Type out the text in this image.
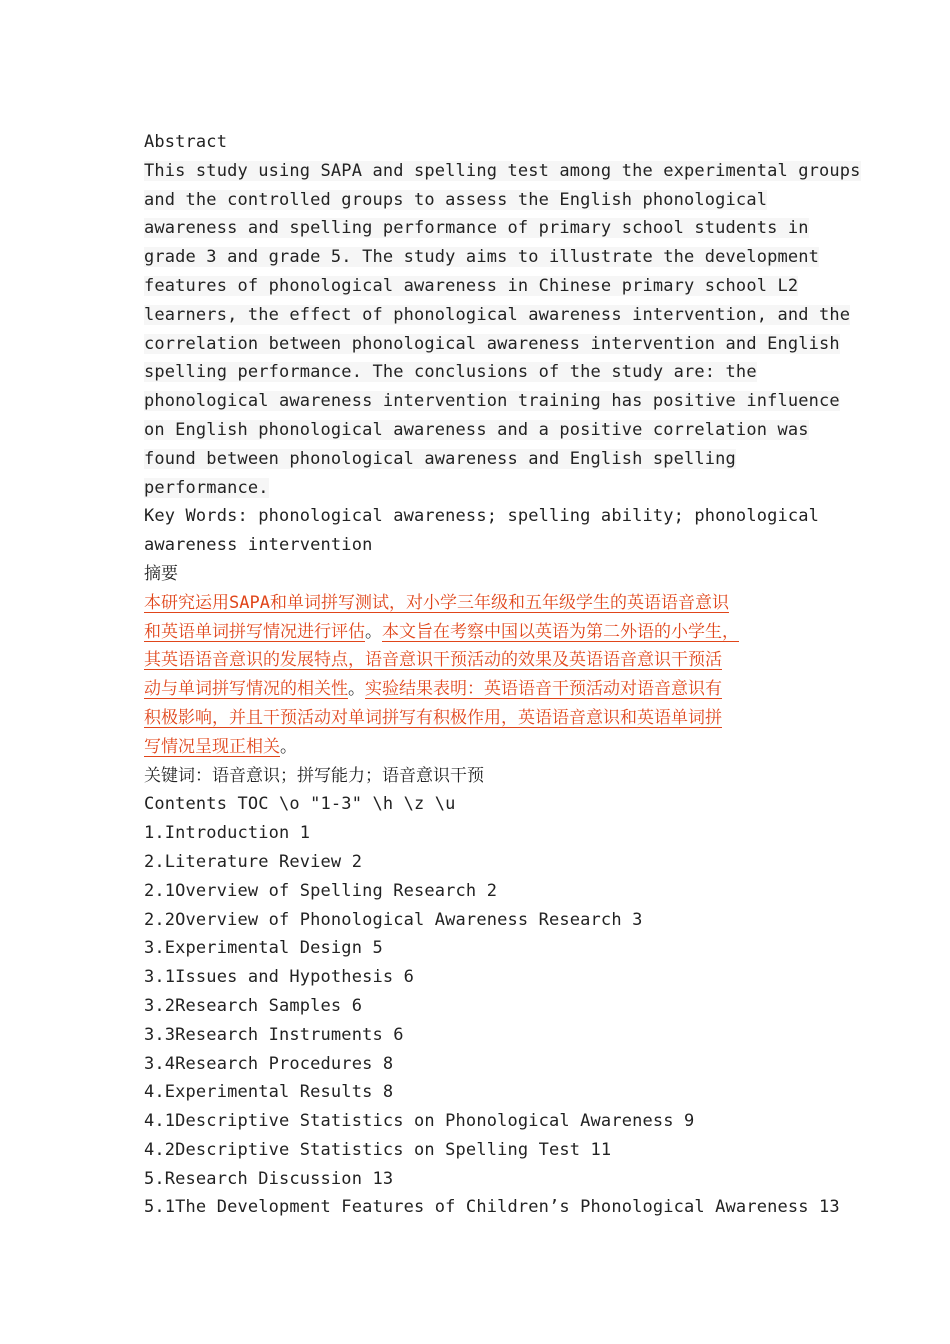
Abstract
This study using SAPA and spelling test among the experimental groups
and the controlled groups to assess the English phonological
awareness and spelling performance of primary school students in
grade 3 and grade 5. The study aims to illustrate the development
features of phonological awareness in Chinese primary school L2
learners, the effect of phonological awareness intervention, and the
correlation between phonological awareness intervention and English
spelling performance. The conclusions of the study are: the
phonological awareness intervention training has positive influence
on English phonological awareness and a positive correlation was
found between phonological awareness and English spelling
performance.
Key Words: phonological awareness; spelling ability; phonological
awareness intervention
摘要
本研究运用SAPA和单词拼写测试，对小学三年级和五年级学生的英语语音意识
和英语单词拼写情况进行评估。本文旨在考察中国以英语为第二外语的小学生，
其英语语音意识的发展特点，语音意识干预活动的效果及英语语音意识干预活
动与单词拼写情况的相关性。实验结果表明：英语语音干预活动对语音意识有
积极影响，并且干预活动对单词拼写有积极作用，英语语音意识和英语单词拼
写情况呈现正相关。
关键词：语音意识；拼写能力；语音意识干预
Contents TOC \o "1-3" \h \z \u
1.Introduction 1
2.Literature Review 2
2.1Overview of Spelling Research 2
2.2Overview of Phonological Awareness Research 3
3.Experimental Design 5
3.1Issues and Hypothesis 6
3.2Research Samples 6
3.3Research Instruments 6
3.4Research Procedures 8
4.Experimental Results 8
4.1Descriptive Statistics on Phonological Awareness 9
4.2Descriptive Statistics on Spelling Test 11
5.Research Discussion 13
5.1The Development Features of Children’s Phonological Awareness 13
